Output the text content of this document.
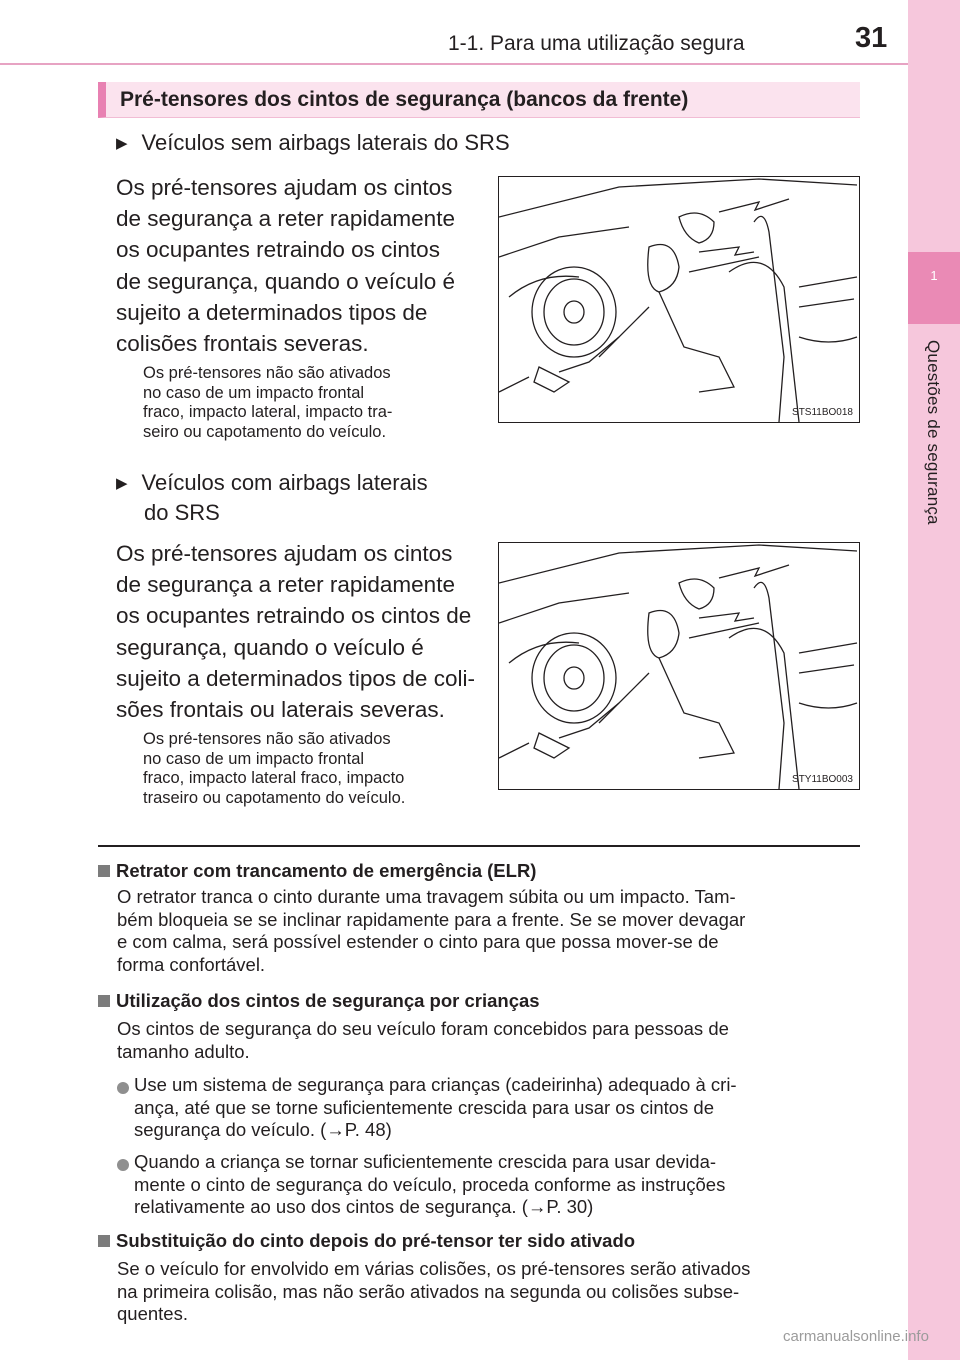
1
Questões de segurança
1-1. Para uma utilização segura	31
Pré-tensores dos cintos de segurança (bancos da frente)
▶ Veículos sem airbags laterais do SRS
Os pré-tensores ajudam os cintos
de segurança a reter rapidamente
os ocupantes retraindo os cintos
de segurança, quando o veículo é
sujeito a determinados tipos de
colisões frontais severas.
Os pré-tensores não são ativados
no caso de um impacto frontal
fraco, impacto lateral, impacto tra-
seiro ou capotamento do veículo.
STS11BO018
▶ Veículos com airbags laterais
do SRS
Os pré-tensores ajudam os cintos
de segurança a reter rapidamente
os ocupantes retraindo os cintos de
segurança, quando o veículo é
sujeito a determinados tipos de coli-
sões frontais ou laterais severas.
Os pré-tensores não são ativados
no caso de um impacto frontal
fraco, impacto lateral fraco, impacto
traseiro ou capotamento do veículo.
STY11BO003
Retrator com trancamento de emergência (ELR)
O retrator tranca o cinto durante uma travagem súbita ou um impacto. Tam-
bém bloqueia se se inclinar rapidamente para a frente. Se se mover devagar
e com calma, será possível estender o cinto para que possa mover-se de
forma confortável.
Utilização dos cintos de segurança por crianças
Os cintos de segurança do seu veículo foram concebidos para pessoas de
tamanho adulto.
Use um sistema de segurança para crianças (cadeirinha) adequado à cri-
ança, até que se torne suficientemente crescida para usar os cintos de
segurança do veículo. (→P. 48)
Quando a criança se tornar suficientemente crescida para usar devida-
mente o cinto de segurança do veículo, proceda conforme as instruções
relativamente ao uso dos cintos de segurança. (→P. 30)
Substituição do cinto depois do pré-tensor ter sido ativado
Se o veículo for envolvido em várias colisões, os pré-tensores serão ativados
na primeira colisão, mas não serão ativados na segunda ou colisões subse-
quentes.
carmanualsonline.info
